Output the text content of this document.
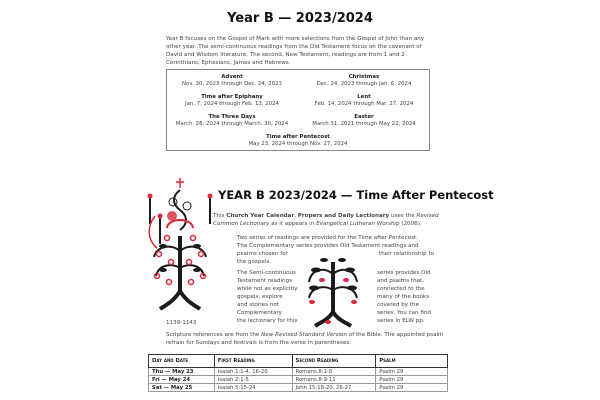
Year B — 2023/2024
Year B focuses on the Gospel of Mark with more selections from the Gospel of John than any other year. The semi-continuous readings from the Old Testament focus on the covenant of David and Wisdom literature. The second, New Testament, readings are from 1 and 2 Corinthians, Ephesians, James and Hebrews.
Advent
Nov. 30, 2023 through Dec. 24, 2023
Christmas
Dec. 24, 2023 through Jan. 6, 2024
Time after Epiphany
Jan. 7, 2024 through Feb. 13, 2024
Lent
Feb. 14, 2024 through Mar. 27, 2024
The Three Days
March. 28, 2024 through March. 30, 2024
Easter
March 31, 2021 through May 22, 2024
Time after Pentecost
May 23, 2024 through Nov. 27, 2024
YEAR B 2023/2024 — Time After Pentecost
This Church Year Calendar, Propers and Daily Lectionary uses the Revised Common Lectionary as it appears in Evangelical Lutheran Worship (2006).
Two series of readings are provided for the Time after Pentecost.
The Complementary series provides Old Testament readings and
psalms chosen for	their relationship to
the gospels.
The Semi-continuous
Testament readings
while not as explicitly
gospels, explore
and stories not
Complementary
the lectionary for this
series provides Old
and psalms that,
connected to the
many of the books
covered by the
series. You can find
series in ELW pp.
1139-1143
Scripture references are from the New Revised Standard Version of the Bible. The appointed psalm refrain for Sundays and festivals is from the verse in parentheses.
Day and Date	First Reading	Second Reading	Psalm
Thu — May 23	Isaiah 1:1-4, 16-20	Romans 8:1-8	Psalm 29
Fri — May 24	Isaiah 2:1-5	Romans 8:9-11	Psalm 29
Sat — May 25	Isaiah 5:15-24	John 15:18-20, 26-27	Psalm 29
